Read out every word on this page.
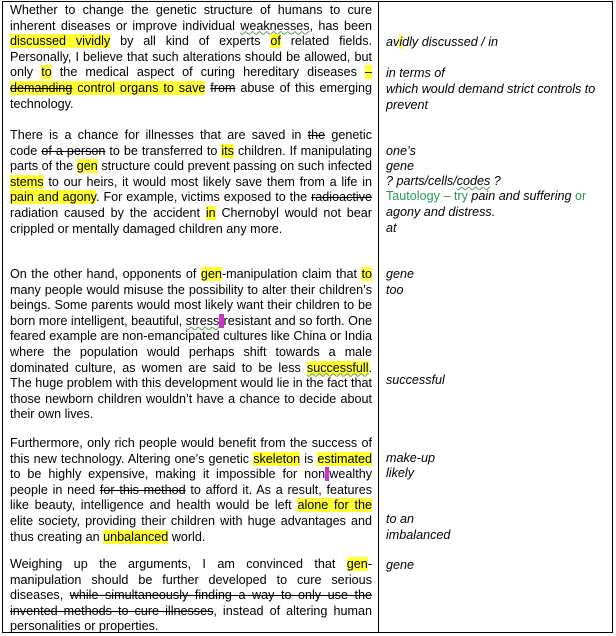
Whether to change the genetic structure of humans to cure inherent diseases or improve individual weaknesses, has been discussed vividly by all kind of experts of related fields. Personally, I believe that such alterations should be allowed, but only to the medical aspect of curing hereditary diseases – demanding control organs to save from abuse of this emerging technology.

There is a chance for illnesses that are saved in the genetic code of a person to be transferred to its children. If manipulating parts of the gen structure could prevent passing on such infected stems to our heirs, it would most likely save them from a life in pain and agony. For example, victims exposed to the radioactive radiation caused by the accident in Chernobyl would not bear crippled or mentally damaged children any more.

On the other hand, opponents of gen-manipulation claim that to many people would misuse the possibility to alter their children’s beings. Some parents would most likely want their children to be born more intelligent, beautiful, stress-resistant and so forth. One feared example are non-emancipated cultures like China or India where the population would perhaps shift towards a male dominated culture, as women are said to be less successfull. The huge problem with this development would lie in the fact that those newborn children wouldn’t have a chance to decide about their own lives.

Furthermore, only rich people would benefit from the success of this new technology. Altering one’s genetic skeleton is estimated to be highly expensive, making it impossible for non-wealthy people in need for this method to afford it. As a result, features like beauty, intelligence and health would be left alone for the elite society, providing their children with huge advantages and thus creating an unbalanced world.

Weighing up the arguments, I am convinced that gen-manipulation should be further developed to cure serious diseases, while simultaneously finding a way to only use the invented methods to cure illnesses, instead of altering human personalities or properties.

avidly discussed / in
in terms of
which would demand strict controls to prevent
one’s
gene
? parts/cells/codes ?
Tautology – try pain and suffering or agony and distress.
at
gene
too
successful
make-up
likely
to an
imbalanced
gene
